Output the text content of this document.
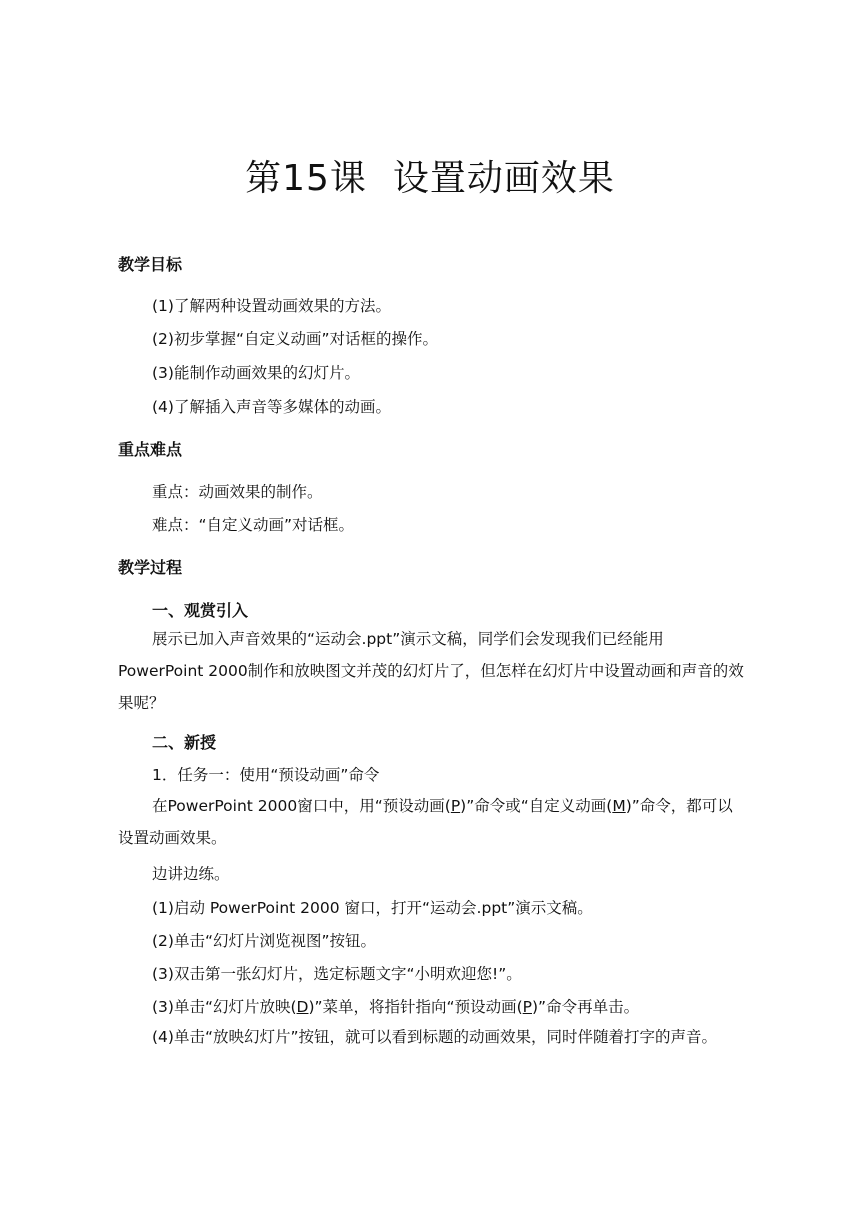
第15课 设置动画效果
教学目标
(1)了解两种设置动画效果的方法。
(2)初步掌握“自定义动画”对话框的操作。
(3)能制作动画效果的幻灯片。
(4)了解插入声音等多媒体的动画。
重点难点
重点：动画效果的制作。
难点：“自定义动画”对话框。
教学过程
一、观赏引入
展示已加入声音效果的“运动会.ppt”演示文稿，同学们会发现我们已经能用PowerPoint 2000制作和放映图文并茂的幻灯片了，但怎样在幻灯片中设置动画和声音的效果呢？
二、新授
1．任务一：使用“预设动画”命令
在PowerPoint 2000窗口中，用“预设动画(P)”命令或“自定义动画(M)”命令，都可以设置动画效果。
边讲边练。
(1)启动 PowerPoint 2000 窗口，打开“运动会.ppt”演示文稿。
(2)单击“幻灯片浏览视图”按钮。
(3)双击第一张幻灯片，选定标题文字“小明欢迎您!”。
(3)单击“幻灯片放映(D)”菜单，将指针指向“预设动画(P)”命令再单击。
(4)单击“放映幻灯片”按钮，就可以看到标题的动画效果，同时伴随着打字的声音。
